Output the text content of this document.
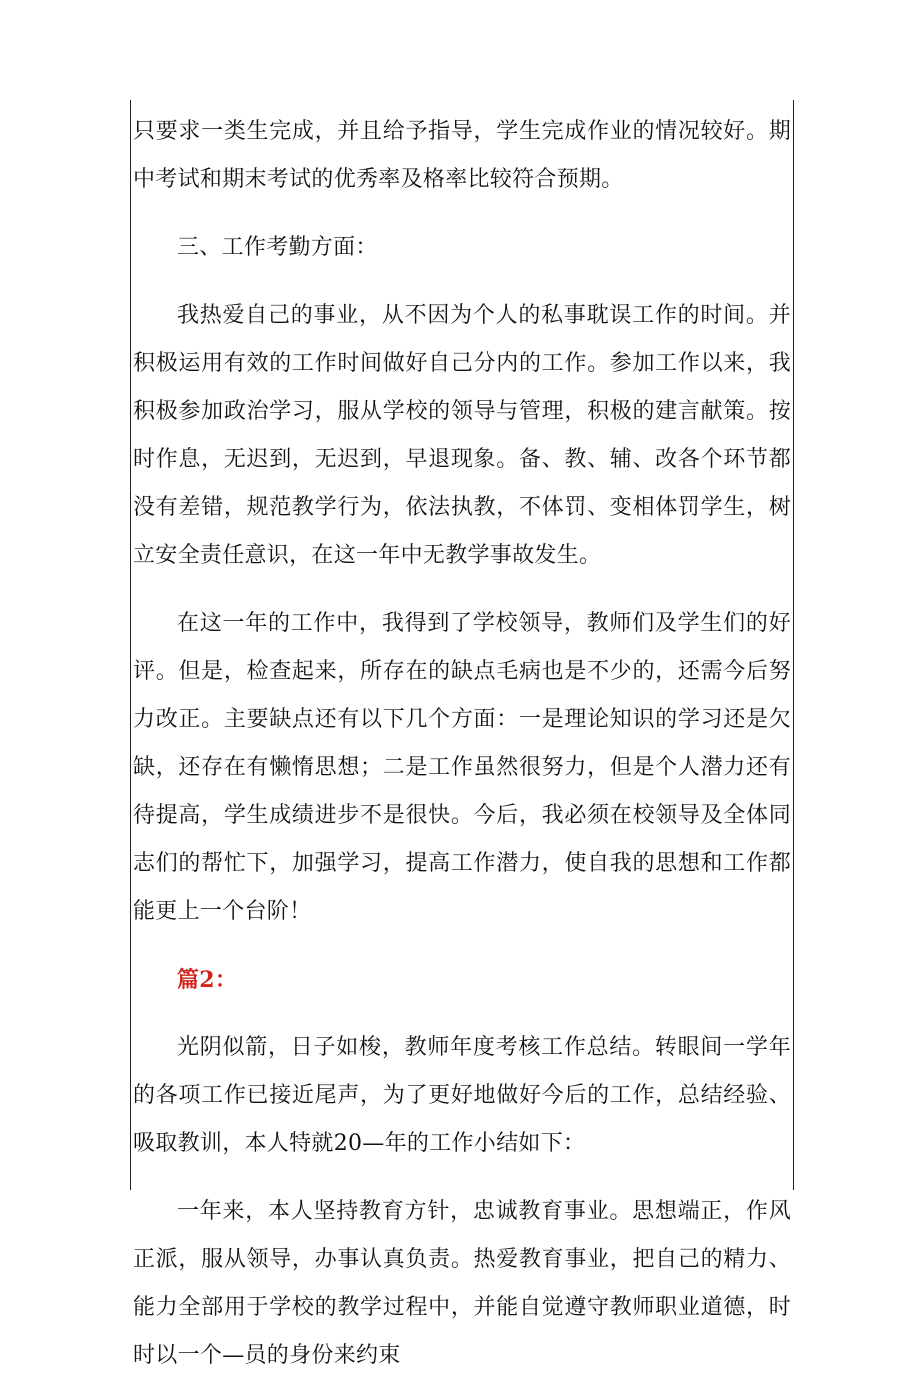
只要求一类生完成，并且给予指导，学生完成作业的情况较好。期中考试和期末考试的优秀率及格率比较符合预期。

三、工作考勤方面：

我热爱自己的事业，从不因为个人的私事耽误工作的时间。并积极运用有效的工作时间做好自己分内的工作。参加工作以来，我积极参加政治学习，服从学校的领导与管理，积极的建言献策。按时作息，无迟到，无迟到，早退现象。备、教、辅、改各个环节都没有差错，规范教学行为，依法执教，不体罚、变相体罚学生，树立安全责任意识，在这一年中无教学事故发生。

在这一年的工作中，我得到了学校领导，教师们及学生们的好评。但是，检查起来，所存在的缺点毛病也是不少的，还需今后努力改正。主要缺点还有以下几个方面：一是理论知识的学习还是欠缺，还存在有懒惰思想；二是工作虽然很努力，但是个人潜力还有待提高，学生成绩进步不是很快。今后，我必须在校领导及全体同志们的帮忙下，加强学习，提高工作潜力，使自我的思想和工作都能更上一个台阶！

篇2：

光阴似箭，日子如梭，教师年度考核工作总结。转眼间一学年的各项工作已接近尾声，为了更好地做好今后的工作，总结经验、吸取教训，本人特就20—年的工作小结如下：

一年来，本人坚持教育方针，忠诚教育事业。思想端正，作风正派，服从领导，办事认真负责。热爱教育事业，把自己的精力、能力全部用于学校的教学过程中，并能自觉遵守教师职业道德，时时以一个—员的身份来约束
